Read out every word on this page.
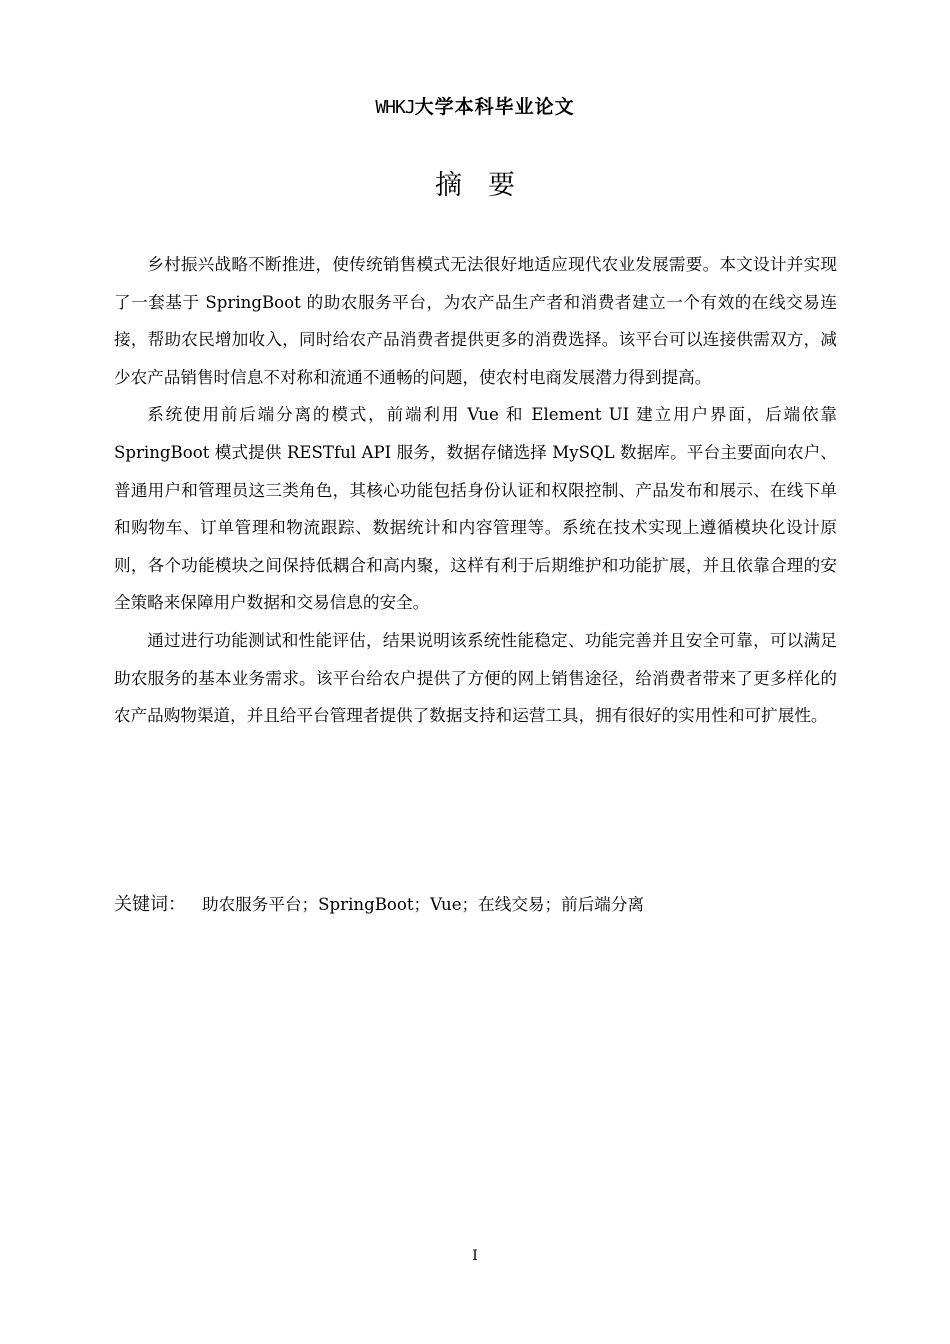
WHKJ大学本科毕业论文
摘要

乡村振兴战略不断推进，使传统销售模式无法很好地适应现代农业发展需要。本文设计并实现了一套基于 SpringBoot 的助农服务平台，为农产品生产者和消费者建立一个有效的在线交易连接，帮助农民增加收入，同时给农产品消费者提供更多的消费选择。该平台可以连接供需双方，减少农产品销售时信息不对称和流通不通畅的问题，使农村电商发展潜力得到提高。

系统使用前后端分离的模式，前端利用 Vue 和 Element UI 建立用户界面，后端依靠 SpringBoot 模式提供 RESTful API 服务，数据存储选择 MySQL 数据库。平台主要面向农户、普通用户和管理员这三类角色，其核心功能包括身份认证和权限控制、产品发布和展示、在线下单和购物车、订单管理和物流跟踪、数据统计和内容管理等。系统在技术实现上遵循模块化设计原则，各个功能模块之间保持低耦合和高内聚，这样有利于后期维护和功能扩展，并且依靠合理的安全策略来保障用户数据和交易信息的安全。

通过进行功能测试和性能评估，结果说明该系统性能稳定、功能完善并且安全可靠，可以满足助农服务的基本业务需求。该平台给农户提供了方便的网上销售途径，给消费者带来了更多样化的农产品购物渠道，并且给平台管理者提供了数据支持和运营工具，拥有很好的实用性和可扩展性。

关键词： 助农服务平台；SpringBoot；Vue；在线交易；前后端分离
I
